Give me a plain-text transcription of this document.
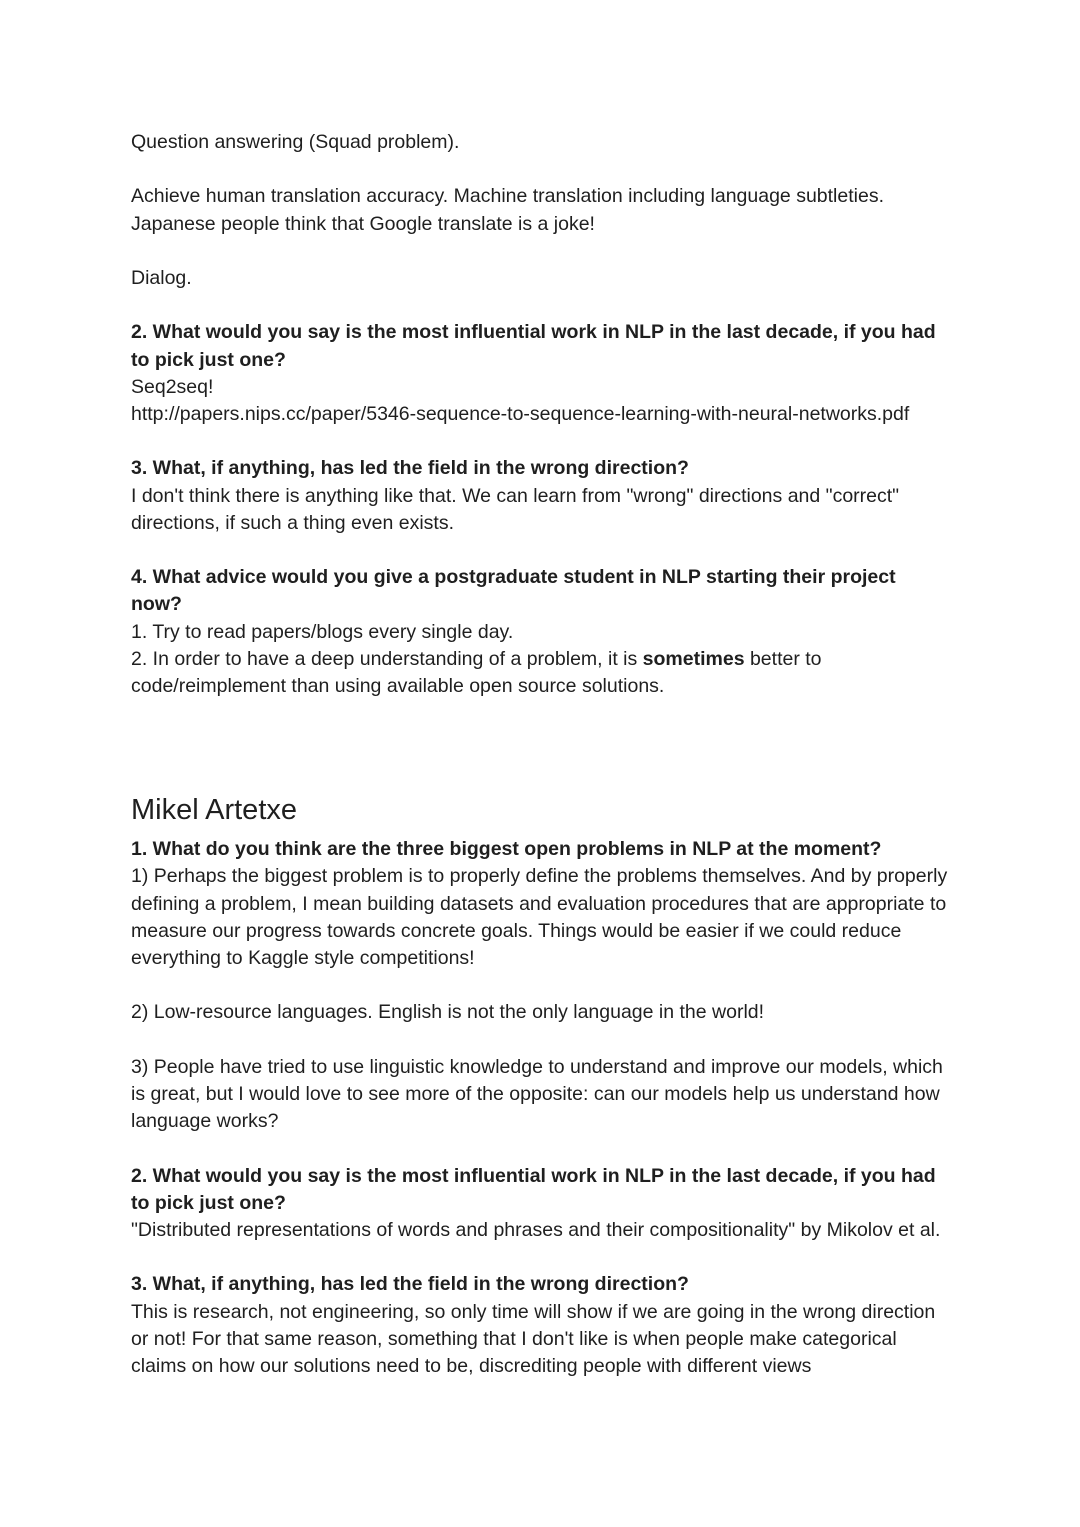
Question answering (Squad problem).

Achieve human translation accuracy. Machine translation including language subtleties.
Japanese people think that Google translate is a joke!

Dialog.

2. What would you say is the most influential work in NLP in the last decade, if you had to pick just one?

Seq2seq!

http://papers.nips.cc/paper/5346-sequence-to-sequence-learning-with-neural-networks.pdf

3. What, if anything, has led the field in the wrong direction?

I don't think there is anything like that. We can learn from "wrong" directions and "correct" directions, if such a thing even exists.

4. What advice would you give a postgraduate student in NLP starting their project now?

1. Try to read papers/blogs every single day.

2. In order to have a deep understanding of a problem, it is sometimes better to code/reimplement than using available open source solutions.

Mikel Artetxe

1. What do you think are the three biggest open problems in NLP at the moment?

1) Perhaps the biggest problem is to properly define the problems themselves. And by properly defining a problem, I mean building datasets and evaluation procedures that are appropriate to measure our progress towards concrete goals. Things would be easier if we could reduce everything to Kaggle style competitions!

2) Low-resource languages. English is not the only language in the world!

3) People have tried to use linguistic knowledge to understand and improve our models, which is great, but I would love to see more of the opposite: can our models help us understand how language works?

2. What would you say is the most influential work in NLP in the last decade, if you had to pick just one?

"Distributed representations of words and phrases and their compositionality" by Mikolov et al.

3. What, if anything, has led the field in the wrong direction?

This is research, not engineering, so only time will show if we are going in the wrong direction or not! For that same reason, something that I don't like is when people make categorical claims on how our solutions need to be, discrediting people with different views
